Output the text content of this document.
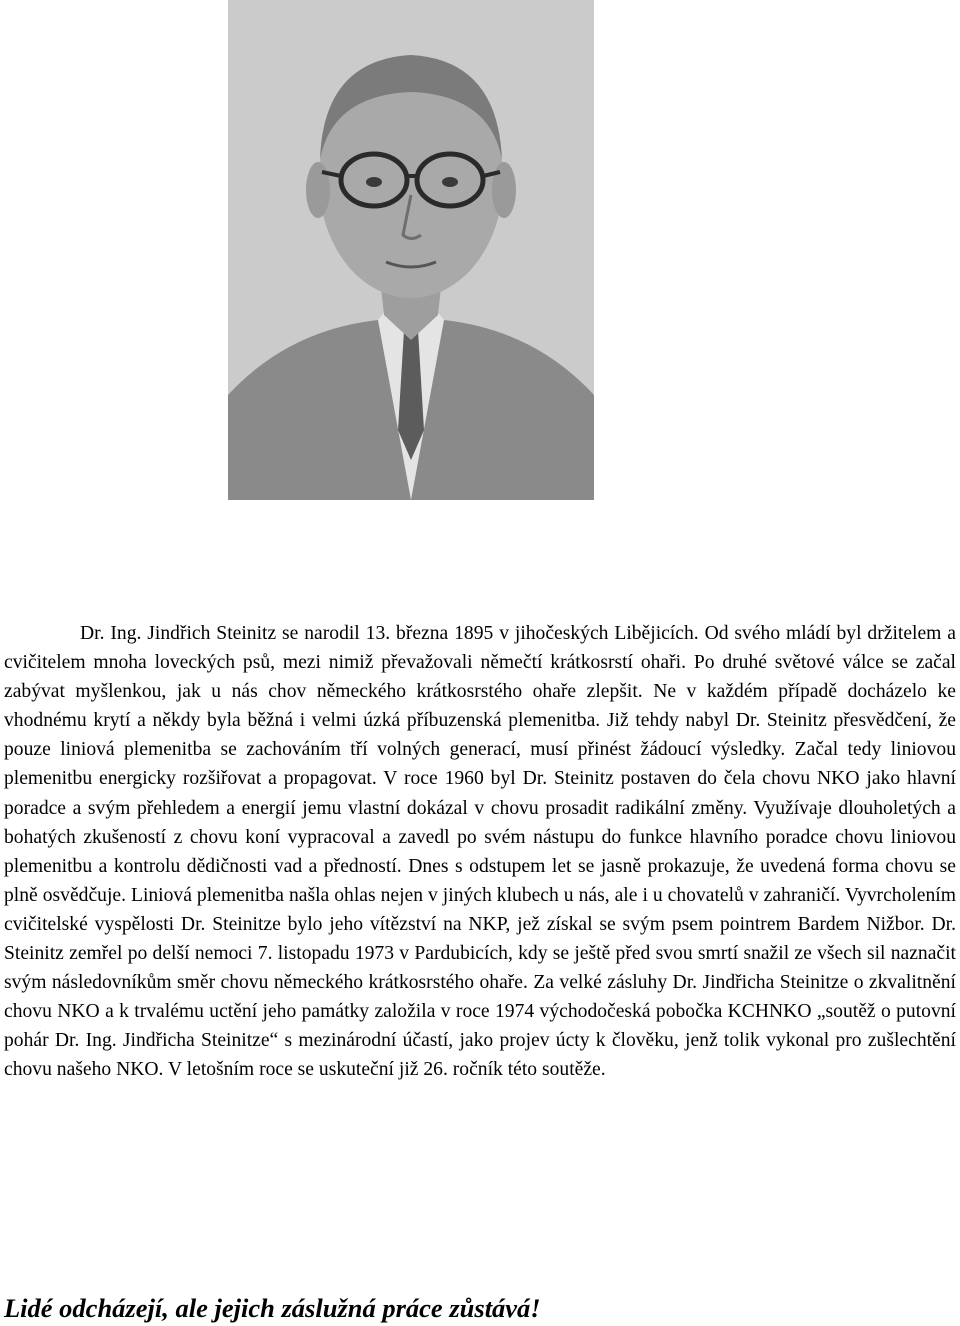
Dr. Ing. Jindřich Steinitz se narodil 13. března 1895 v jihočeských Libějicích. Od svého mládí byl držitelem a cvičitelem mnoha loveckých psů, mezi nimiž převažovali němečtí krátkosrstí ohaři. Po druhé světové válce se začal zabývat myšlenkou, jak u nás chov německého krátkosrstého ohaře zlepšit. Ne v každém případě docházelo ke vhodnému krytí a někdy byla běžná i velmi úzká příbuzenská plemenitba. Již tehdy nabyl Dr. Steinitz přesvědčení, že pouze liniová plemenitba se zachováním tří volných generací, musí přinést žádoucí výsledky. Začal tedy liniovou plemenitbu energicky rozšiřovat a propagovat. V roce 1960 byl Dr. Steinitz postaven do čela chovu NKO jako hlavní poradce a svým přehledem a energií jemu vlastní dokázal v chovu prosadit radikální změny. Využívaje dlouholetých a bohatých zkušeností z chovu koní vypracoval a zavedl po svém nástupu do funkce hlavního poradce chovu liniovou plemenitbu a kontrolu dědičnosti vad a předností. Dnes s odstupem let se jasně prokazuje, že uvedená forma chovu se plně osvědčuje. Liniová plemenitba našla ohlas nejen v jiných klubech u nás, ale i u chovatelů v zahraničí. Vyvrcholením cvičitelské vyspělosti Dr. Steinitze bylo jeho vítězství na NKP, jež získal se svým psem pointrem Bardem Nižbor. Dr. Steinitz zemřel po delší nemoci 7. listopadu 1973 v Pardubicích, kdy se ještě před svou smrtí snažil ze všech sil naznačit svým následovníkům směr chovu německého krátkosrstého ohaře. Za velké zásluhy Dr. Jindřicha Steinitze o zkvalitnění chovu NKO a k trvalému uctění jeho památky založila v roce 1974 východočeská pobočka KCHNKO „soutěž o putovní pohár Dr. Ing. Jindřicha Steinitze“ s mezinárodní účastí, jako projev úcty k člověku, jenž tolik vykonal pro zušlechtění chovu našeho NKO. V letošním roce se uskuteční již 26. ročník této soutěže.

Lidé odcházejí, ale jejich záslužná práce zůstává!
